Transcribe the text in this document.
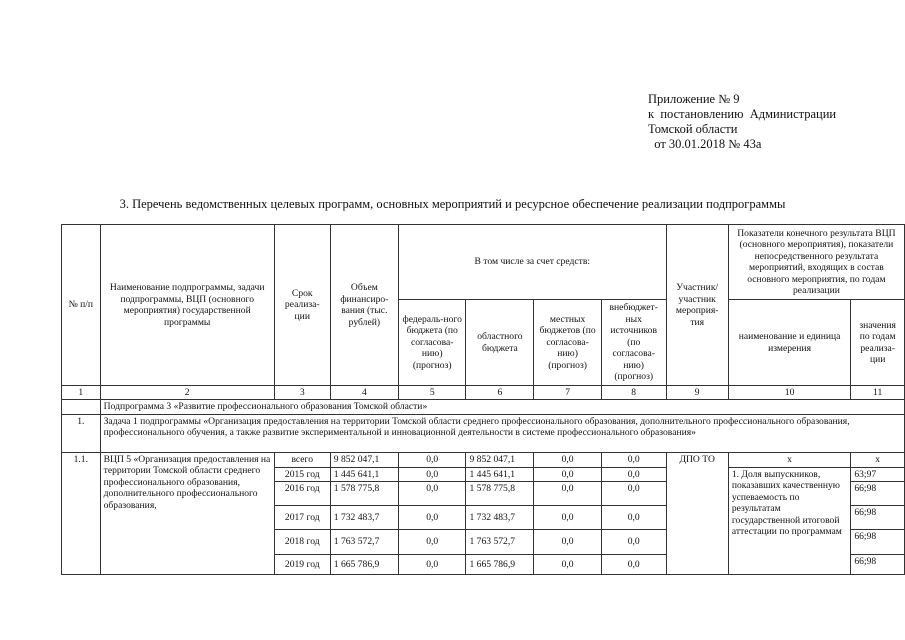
Приложение № 9
к  постановлению  Администрации
Томской области
от 30.01.2018 № 43а
3. Перечень ведомственных целевых программ, основных мероприятий и ресурсное обеспечение реализации подпрограммы
№ п/п	Наименование подпрограммы, задачи подпрограммы, ВЦП (основного мероприятия) государственной программы	Срок реализа-ции	Объем финансиро-вания (тыс. рублей)	В том числе за счет средств:				Участник/ участник мероприя-тия	Показатели конечного результата ВЦП (основного мероприятия), показатели непосредственного результата мероприятий, входящих в состав основного мероприятия, по годам реализации	
				федераль-ного бюджета (по согласова-нию) (прогноз)	областного бюджета	местных бюджетов (по согласова-нию) (прогноз)	внебюджет-ных источников (по согласова-нию) (прогноз)		наименование и единица измерения	значения по годам реализа-ции
1	2	3	4	5	6	7	8	9	10	11
	Подпрограмма 3 «Развитие профессионального образования Томской области»									
1.	Задача 1 подпрограммы «Организация предоставления на территории Томской области среднего профессионального образования, дополнительного профессионального образования, профессионального обучения, а также развитие экспериментальной и инновационной деятельности в системе профессионального образования»									
1.1.	ВЦП 5 «Организация предоставления на территории Томской области среднего профессионального образования, дополнительного профессионального образования,	всего	9 852 047,1	0,0	9 852 047,1	0,0	0,0	ДПО ТО	x	x
		2015 год	1 445 641,1	0,0	1 445 641,1	0,0	0,0		1. Доля выпускников, показавших качественную успеваемость по результатам государственной итоговой аттестации по программам	63;97
		2016 год	1 578 775,8	0,0	1 578 775,8	0,0	0,0			66;98
		2017 год	1 732 483,7	0,0	1 732 483,7	0,0	0,0			66;98
		2018 год	1 763 572,7	0,0	1 763 572,7	0,0	0,0			66;98
		2019 год	1 665 786,9	0,0	1 665 786,9	0,0	0,0			66;98
